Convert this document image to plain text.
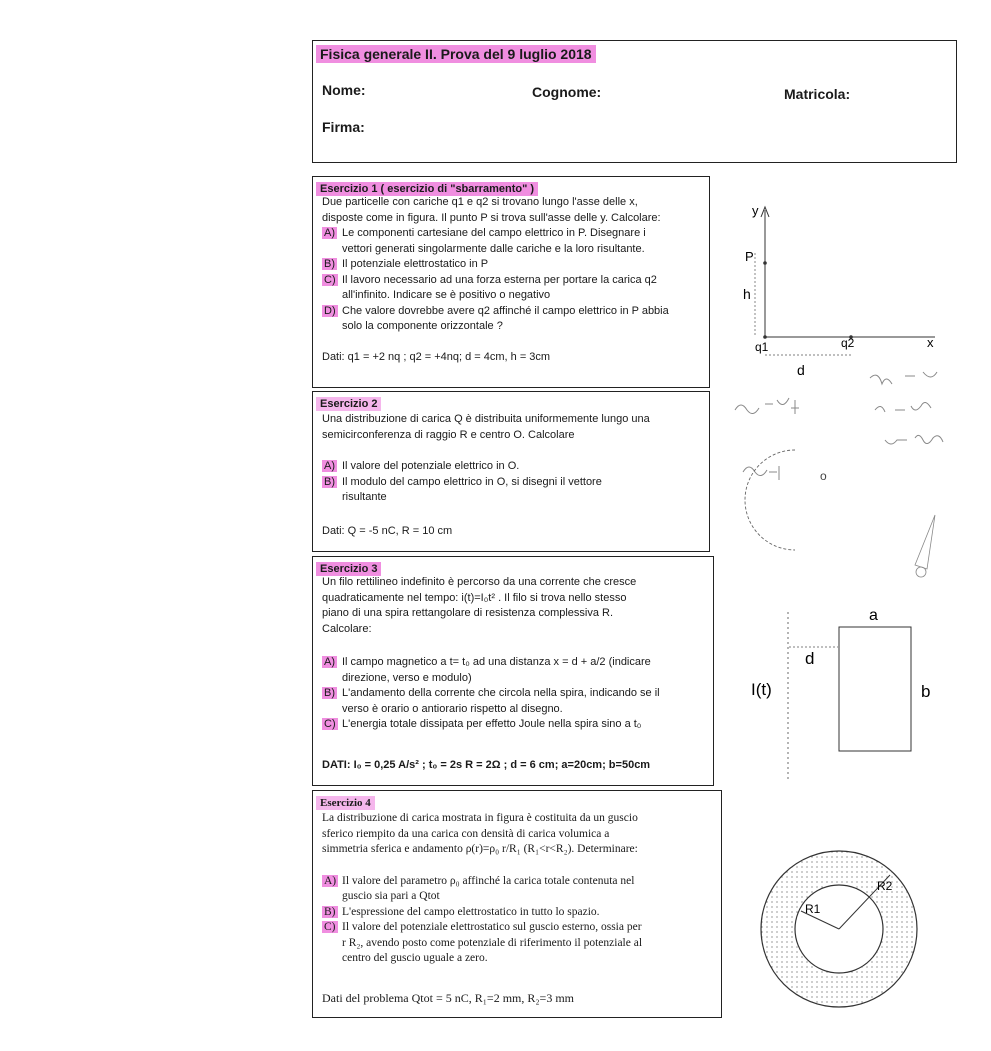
Fisica generale II. Prova del 9 luglio 2018
Nome:	Cognome:	Matricola:
Firma:
Esercizio 1 ( esercizio di "sbarramento" )

Due particelle con cariche q1 e q2 si trovano lungo l'asse delle x,

disposte come in figura. Il punto P si trova sull'asse delle y. Calcolare:

A) Le componenti cartesiane del campo elettrico in P. Disegnare i

vettori generati singolarmente dalle cariche e la loro risultante.

B) Il potenziale elettrostatico in P

C) Il lavoro necessario ad una forza esterna per portare la carica q2

all'infinito. Indicare se è positivo o negativo

D) Che valore dovrebbe avere q2 affinché il campo elettrico in P abbia

solo la componente orizzontale ?

Dati: q1 = +2 nq ; q2 = +4nq; d = 4cm, h = 3cm
Esercizio 2

Una distribuzione di carica Q è distribuita uniformemente lungo una

semicirconferenza di raggio R e centro O. Calcolare

A) Il valore del potenziale elettrico in O.

B) Il modulo del campo elettrico in O, si disegni il vettore

risultante

Dati: Q = -5 nC, R = 10 cm
Esercizio 3

Un filo rettilineo indefinito è percorso da una corrente che cresce

quadraticamente nel tempo: i(t)=I₀t² . Il filo si trova nello stesso

piano di una spira rettangolare di resistenza complessiva R.

Calcolare:

A) Il campo magnetico a t= t₀ ad una distanza x = d + a/2 (indicare

direzione, verso e modulo)

B) L'andamento della corrente che circola nella spira, indicando se il

verso è orario o antiorario rispetto al disegno.

C) L'energia totale dissipata per effetto Joule nella spira sino a t₀

DATI: I₀ = 0,25 A/s² ; t₀ = 2s R = 2Ω ; d = 6 cm; a=20cm; b=50cm
Esercizio 4

La distribuzione di carica mostrata in figura è costituita da un guscio

sferico riempito da una carica con densità di carica volumica a

simmetria sferica e andamento ρ(r)=ρ₀ r/R₁ (R₁<r<R₂). Determinare:

A) Il valore del parametro ρ₀ affinché la carica totale contenuta nel

guscio sia pari a Qtot

B) L'espressione del campo elettrostatico in tutto lo spazio.

C) Il valore del potenziale elettrostatico sul guscio esterno, ossia per

r R₂, avendo posto come potenziale di riferimento il potenziale al

centro del guscio uguale a zero.

Dati del problema Qtot = 5 nC, R₁=2 mm, R₂=3 mm
y
P
h
q1	q2	x
d
o
a
d
I(t)	b
R1
R2
